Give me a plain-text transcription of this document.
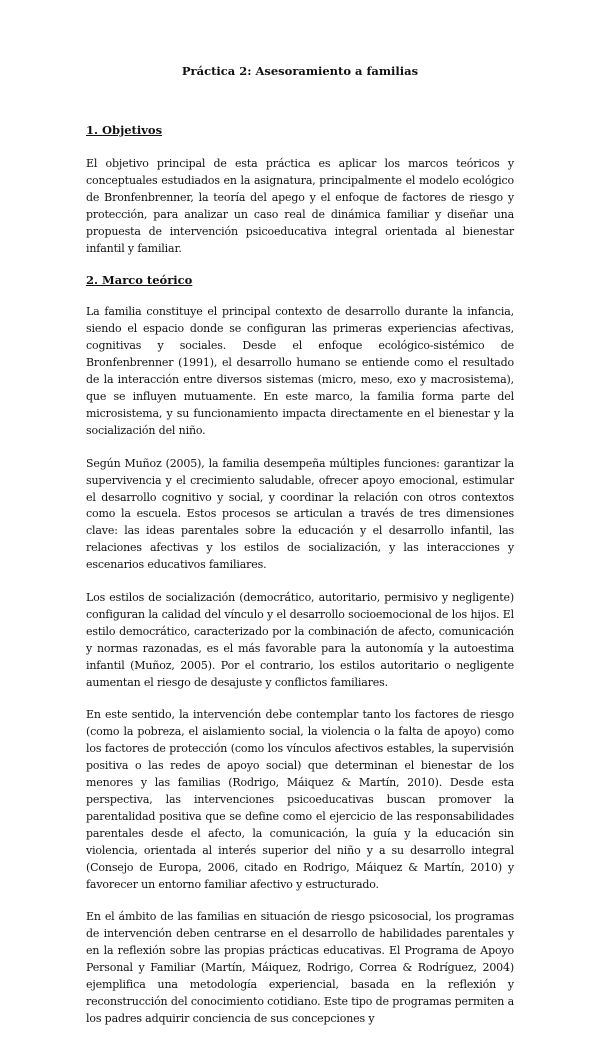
Práctica 2: Asesoramiento a familias

1. Objetivos

El objetivo principal de esta práctica es aplicar los marcos teóricos y conceptuales estudiados en la asignatura, principalmente el modelo ecológico de Bronfenbrenner, la teoría del apego y el enfoque de factores de riesgo y protección, para analizar un caso real de dinámica familiar y diseñar una propuesta de intervención psicoeducativa integral orientada al bienestar infantil y familiar.

2. Marco teórico

La familia constituye el principal contexto de desarrollo durante la infancia, siendo el espacio donde se configuran las primeras experiencias afectivas, cognitivas y sociales. Desde el enfoque ecológico-sistémico de Bronfenbrenner (1991), el desarrollo humano se entiende como el resultado de la interacción entre diversos sistemas (micro, meso, exo y macrosistema), que se influyen mutuamente. En este marco, la familia forma parte del microsistema, y su funcionamiento impacta directamente en el bienestar y la socialización del niño.

Según Muñoz (2005), la familia desempeña múltiples funciones: garantizar la supervivencia y el crecimiento saludable, ofrecer apoyo emocional, estimular el desarrollo cognitivo y social, y coordinar la relación con otros contextos como la escuela. Estos procesos se articulan a través de tres dimensiones clave: las ideas parentales sobre la educación y el desarrollo infantil, las relaciones afectivas y los estilos de socialización, y las interacciones y escenarios educativos familiares.

Los estilos de socialización (democrático, autoritario, permisivo y negligente) configuran la calidad del vínculo y el desarrollo socioemocional de los hijos. El estilo democrático, caracterizado por la combinación de afecto, comunicación y normas razonadas, es el más favorable para la autonomía y la autoestima infantil (Muñoz, 2005). Por el contrario, los estilos autoritario o negligente aumentan el riesgo de desajuste y conflictos familiares.

En este sentido, la intervención debe contemplar tanto los factores de riesgo (como la pobreza, el aislamiento social, la violencia o la falta de apoyo) como los factores de protección (como los vínculos afectivos estables, la supervisión positiva o las redes de apoyo social) que determinan el bienestar de los menores y las familias (Rodrigo, Máiquez & Martín, 2010). Desde esta perspectiva, las intervenciones psicoeducativas buscan promover la parentalidad positiva que se define como el ejercicio de las responsabilidades parentales desde el afecto, la comunicación, la guía y la educación sin violencia, orientada al interés superior del niño y a su desarrollo integral (Consejo de Europa, 2006, citado en Rodrigo, Máiquez & Martín, 2010) y favorecer un entorno familiar afectivo y estructurado.

En el ámbito de las familias en situación de riesgo psicosocial, los programas de intervención deben centrarse en el desarrollo de habilidades parentales y en la reflexión sobre las propias prácticas educativas. El Programa de Apoyo Personal y Familiar (Martín, Máiquez, Rodrigo, Correa & Rodríguez, 2004) ejemplifica una metodología experiencial, basada en la reflexión y reconstrucción del conocimiento cotidiano. Este tipo de programas permiten a los padres adquirir conciencia de sus concepciones y
